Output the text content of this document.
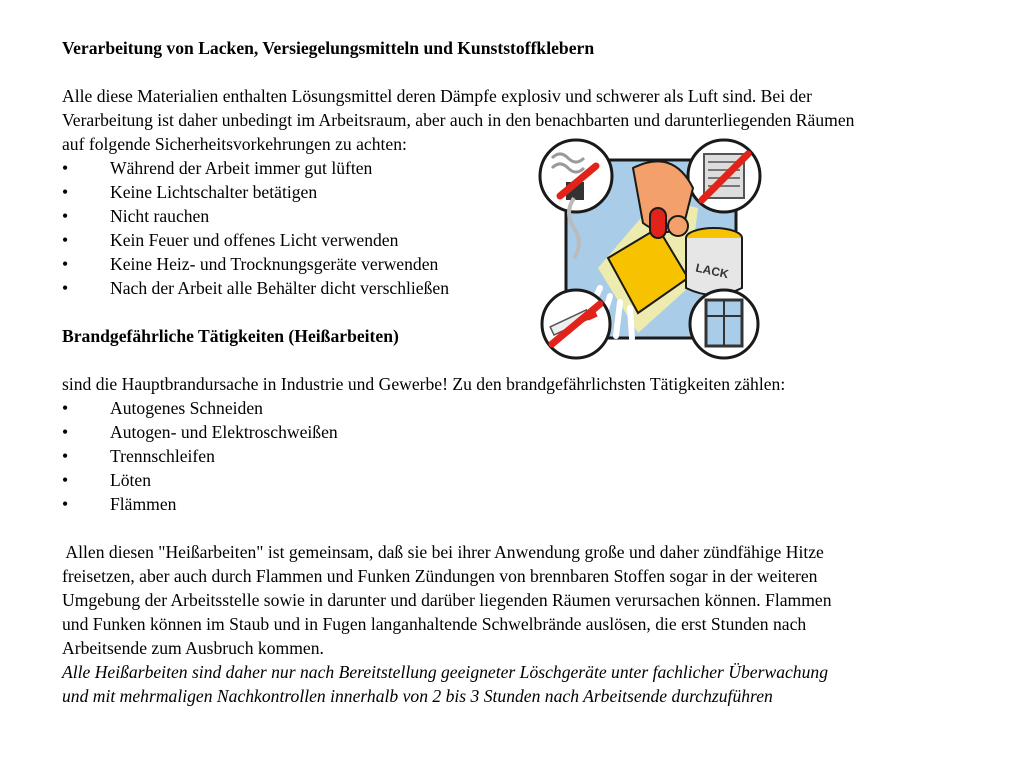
Verarbeitung von Lacken, Versiegelungsmitteln und Kunststoffklebern
Alle diese Materialien enthalten Lösungsmittel deren Dämpfe explosiv und schwerer als Luft sind. Bei der
Verarbeitung ist daher unbedingt im Arbeitsraum, aber auch in den benachbarten und darunterliegenden Räumen
auf folgende Sicherheitsvorkehrungen zu achten:
•	Während der Arbeit immer gut lüften
•	Keine Lichtschalter betätigen
•	Nicht rauchen
•	Kein Feuer und offenes Licht verwenden
•	Keine Heiz- und Trocknungsgeräte verwenden
•	Nach der Arbeit alle Behälter dicht verschließen
Brandgefährliche Tätigkeiten (Heißarbeiten)
sind die Hauptbrandursache in Industrie und Gewerbe! Zu den brandgefährlichsten Tätigkeiten zählen:
•	Autogenes Schneiden
•	Autogen- und Elektroschweißen
•	Trennschleifen
•	Löten
•	Flämmen
Allen diesen "Heißarbeiten" ist gemeinsam, daß sie bei ihrer Anwendung große und daher zündfähige Hitze
freisetzen, aber auch durch Flammen und Funken Zündungen von brennbaren Stoffen sogar in der weiteren
Umgebung der Arbeitsstelle sowie in darunter und darüber liegenden Räumen verursachen können. Flammen
und Funken können im Staub und in Fugen langanhaltende Schwelbrände auslösen, die erst Stunden nach
Arbeitsende zum Ausbruch kommen.
Alle Heißarbeiten sind daher nur nach Bereitstellung geeigneter Löschgeräte unter fachlicher Überwachung
und mit mehrmaligen Nachkontrollen innerhalb von 2 bis 3 Stunden nach Arbeitsende durchzuführen
LACK
